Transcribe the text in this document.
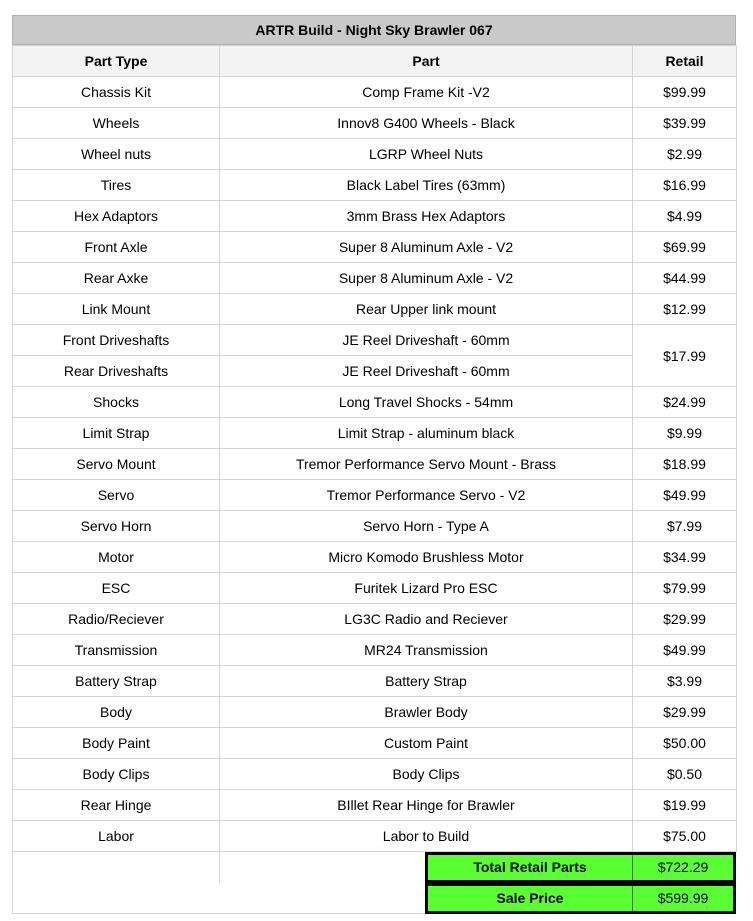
ARTR Build - Night Sky Brawler 067
Part Type	Part	Retail
Chassis Kit	Comp Frame Kit -V2	$99.99
Wheels	Innov8 G400 Wheels - Black	$39.99
Wheel nuts	LGRP Wheel Nuts	$2.99
Tires	Black Label Tires (63mm)	$16.99
Hex Adaptors	3mm Brass Hex Adaptors	$4.99
Front Axle	Super 8 Aluminum Axle - V2	$69.99
Rear Axke	Super 8 Aluminum Axle - V2	$44.99
Link Mount	Rear Upper link mount	$12.99
Front Driveshafts	JE Reel Driveshaft - 60mm	$17.99
Rear Driveshafts	JE Reel Driveshaft - 60mm	
Shocks	Long Travel Shocks - 54mm	$24.99
Limit Strap	Limit Strap - aluminum black	$9.99
Servo Mount	Tremor Performance Servo Mount - Brass	$18.99
Servo	Tremor Performance Servo - V2	$49.99
Servo Horn	Servo Horn - Type A	$7.99
Motor	Micro Komodo Brushless Motor	$34.99
ESC	Furitek Lizard Pro ESC	$79.99
Radio/Reciever	LG3C Radio and Reciever	$29.99
Transmission	MR24 Transmission	$49.99
Battery Strap	Battery Strap	$3.99
Body	Brawler Body	$29.99
Body Paint	Custom Paint	$50.00
Body Clips	Body Clips	$0.50
Rear Hinge	BIllet Rear Hinge for Brawler	$19.99
Labor	Labor to Build	$75.00
Total Retail Parts	$722.29
Sale Price	$599.99
